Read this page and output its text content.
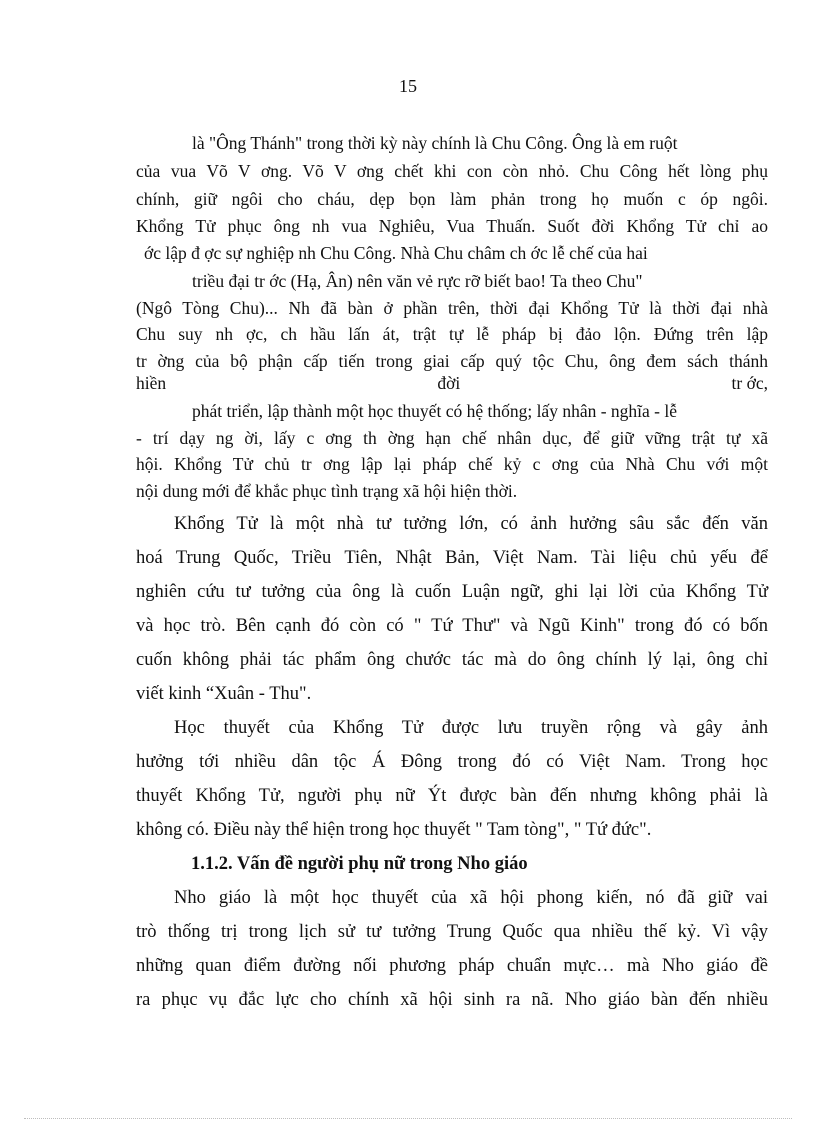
15
là "Ông Thánh" trong thời kỳ này chính là Chu Công. Ông là em ruột
của vua Võ V ơng. Võ V ơng chết khi con còn nhỏ. Chu Công hết lòng phụ
chính, giữ ngôi cho cháu, dẹp bọn làm phản trong họ muốn c óp ngôi.
Khổng Tử phục ông nh vua Nghiêu, Vua Thuấn. Suốt đời Khổng Tử chỉ ao
ớc lập đ ợc sự nghiệp nh Chu Công. Nhà Chu châm ch ớc lễ chế của hai
triều đại tr ớc (Hạ, Ân) nên văn vẻ rực rỡ biết bao! Ta theo Chu"
(Ngô Tòng Chu)... Nh đã bàn ở phần trên, thời đại Khổng Tử là thời đại nhà
Chu suy nh ợc, ch hầu lấn át, trật tự lễ pháp bị đảo lộn. Đứng trên lập
tr ờng của bộ phận cấp tiến trong giai cấp quý tộc Chu, ông đem sách thánh
hiền	đời	tr ớc,
phát triển, lập thành một học thuyết có hệ thống; lấy nhân - nghĩa - lễ
- trí dạy ng ời, lấy c ơng th ờng hạn chế nhân dục, để giữ vững trật tự xã
hội. Khổng Tử chủ tr ơng lập lại pháp chế kỷ c ơng của Nhà Chu với một
nội dung mới để khắc phục tình trạng xã hội hiện thời.
Khổng Tử là một nhà tư tưởng lớn, có ảnh hưởng sâu sắc đến văn
hoá Trung Quốc, Triều Tiên, Nhật Bản, Việt Nam. Tài liệu chủ yếu để
nghiên cứu tư tưởng của ông là cuốn Luận ngữ, ghi lại lời của Khổng Tử
và học trò. Bên cạnh đó còn có " Tứ Thư" và Ngũ Kinh" trong đó có bốn
cuốn không phải tác phẩm ông chước tác mà do ông chính lý lại, ông chỉ
viết kinh “Xuân - Thu".
Học thuyết của Khổng Tử được lưu truyền rộng và gây ảnh
hưởng tới nhiều dân tộc Á Đông trong đó có Việt Nam. Trong học
thuyết Khổng Tử, người phụ nữ Ýt được bàn đến nhưng không phải là
không có. Điều này thể hiện trong học thuyết " Tam tòng", " Tứ đức".
1.1.2. Vấn đề người phụ nữ trong Nho giáo
Nho giáo là một học thuyết của xã hội phong kiến, nó đã giữ vai
trò thống trị trong lịch sử tư tưởng Trung Quốc qua nhiều thế kỷ. Vì vậy
những quan điểm đường nối phương pháp chuẩn mực… mà Nho giáo đề
ra phục vụ đắc lực cho chính xã hội sinh ra nã. Nho giáo bàn đến nhiều
